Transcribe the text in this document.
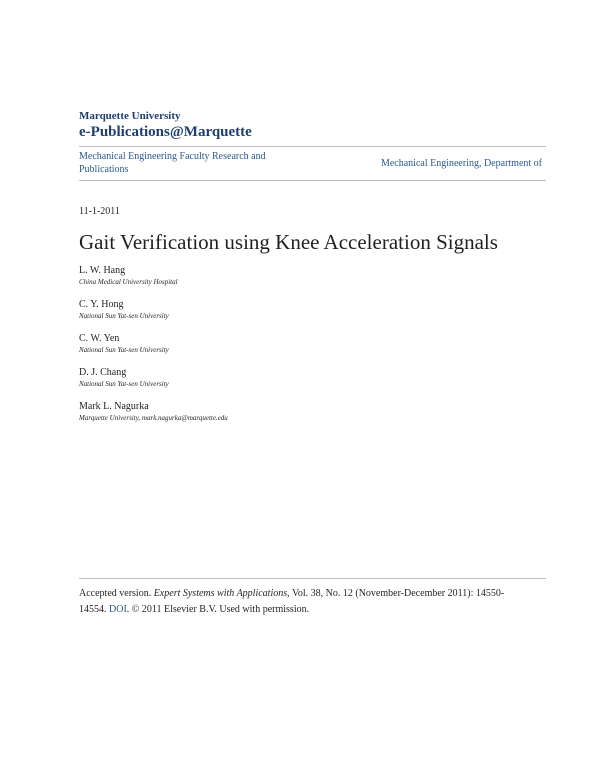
Marquette University
e-Publications@Marquette
Mechanical Engineering Faculty Research and Publications
Mechanical Engineering, Department of
11-1-2011
Gait Verification using Knee Acceleration Signals
L. W. Hang
China Medical University Hospital
C. Y. Hong
National Sun Yat-sen University
C. W. Yen
National Sun Yat-sen University
D. J. Chang
National Sun Yat-sen University
Mark L. Nagurka
Marquette University, mark.nagurka@marquette.edu
Accepted version. Expert Systems with Applications, Vol. 38, No. 12 (November-December 2011): 14550-14554. DOI. © 2011 Elsevier B.V. Used with permission.
